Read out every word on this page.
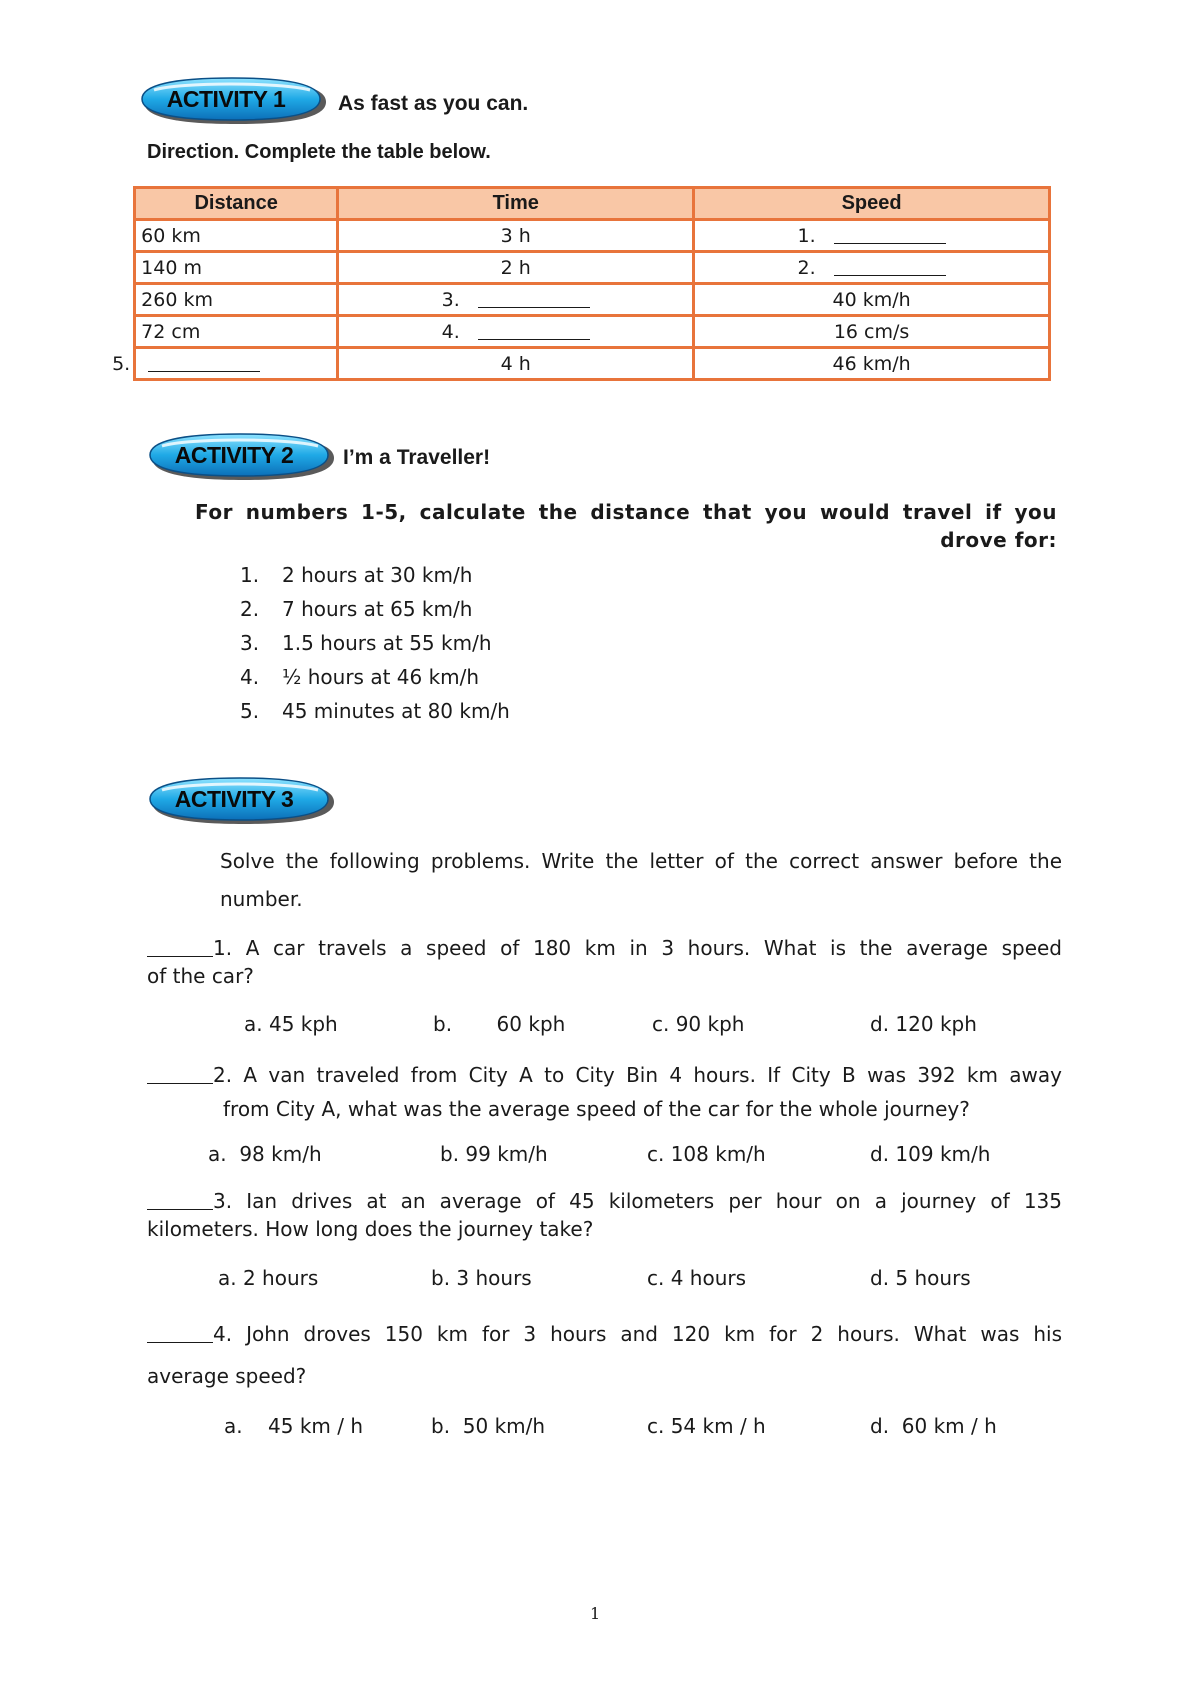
ACTIVITY 1	As fast as you can.
Direction. Complete the table below.
Distance	Time	Speed
60 km	3 h	1.
140 m	2 h	2.
260 km	3.	40 km/h
72 cm	4.	16 cm/s
5.	4 h	46 km/h
ACTIVITY 2	I’m a Traveller!
For numbers 1-5, calculate the distance that you would travel if you drove for:
1. 2 hours at 30 km/h
2. 7 hours at 65 km/h
3. 1.5 hours at 55 km/h
4. ½ hours at 46 km/h
5. 45 minutes at 80 km/h
ACTIVITY 3
Solve the following problems. Write the letter of the correct answer before the number.
1. A car travels a speed of 180 km in 3 hours. What is the average speed
of the car?
a. 45 kph	b.       60 kph	c. 90 kph	d. 120 kph
2. A van traveled from City A to City Bin 4 hours. If City B was 392 km away
from City A, what was the average speed of the car for the whole journey?
a.  98 km/h	b. 99 km/h	c. 108 km/h	d. 109 km/h
3. Ian drives at an average of 45 kilometers per hour on a journey of 135
kilometers. How long does the journey take?
a. 2 hours	b. 3 hours	c. 4 hours	d. 5 hours
4. John droves 150 km for 3 hours and 120 km for 2 hours. What was his
average speed?
a.    45 km / h	b.  50 km/h	c. 54 km / h	d.  60 km / h
1
